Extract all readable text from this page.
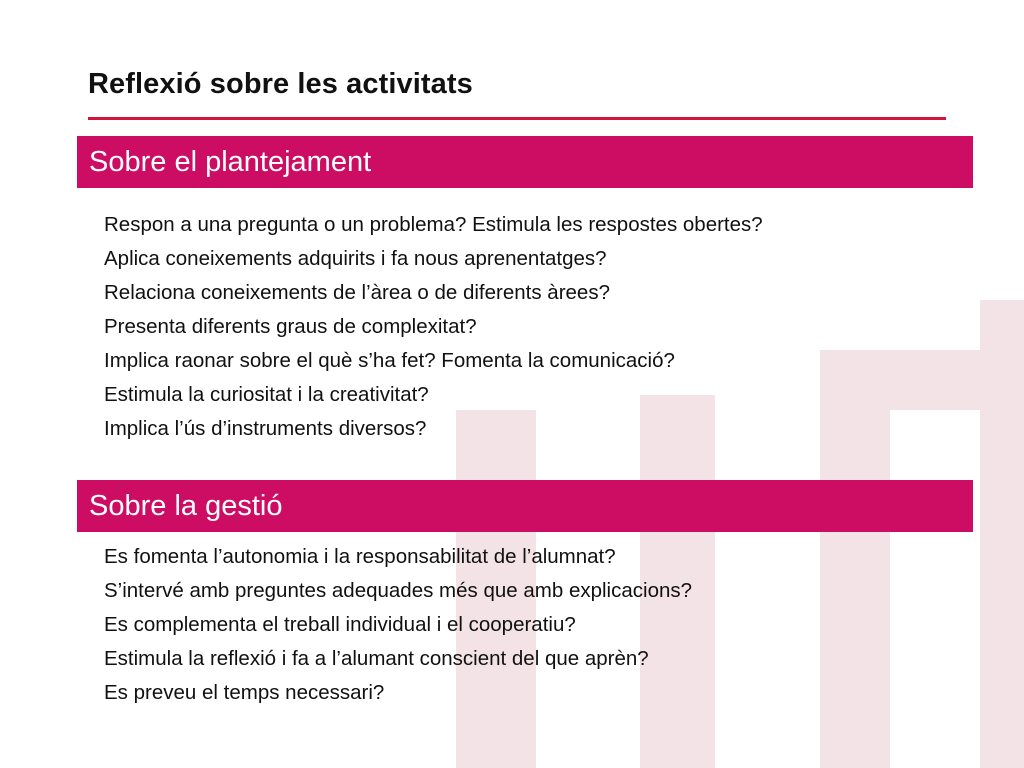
Reflexió sobre les activitats
Sobre el plantejament
Respon a una pregunta o un problema? Estimula les respostes obertes?
Aplica coneixements adquirits i fa nous aprenentatges?
Relaciona coneixements de l’àrea o de diferents àrees?
Presenta diferents graus de complexitat?
Implica raonar sobre el què s’ha fet? Fomenta la comunicació?
Estimula la curiositat i la creativitat?
Implica l’ús d’instruments diversos?
Sobre la gestió
Es fomenta l’autonomia i la responsabilitat de l’alumnat?
S’intervé amb preguntes adequades més que amb explicacions?
Es complementa el treball individual i el cooperatiu?
Estimula la reflexió i fa a l’alumant conscient del que aprèn?
Es preveu el temps necessari?
